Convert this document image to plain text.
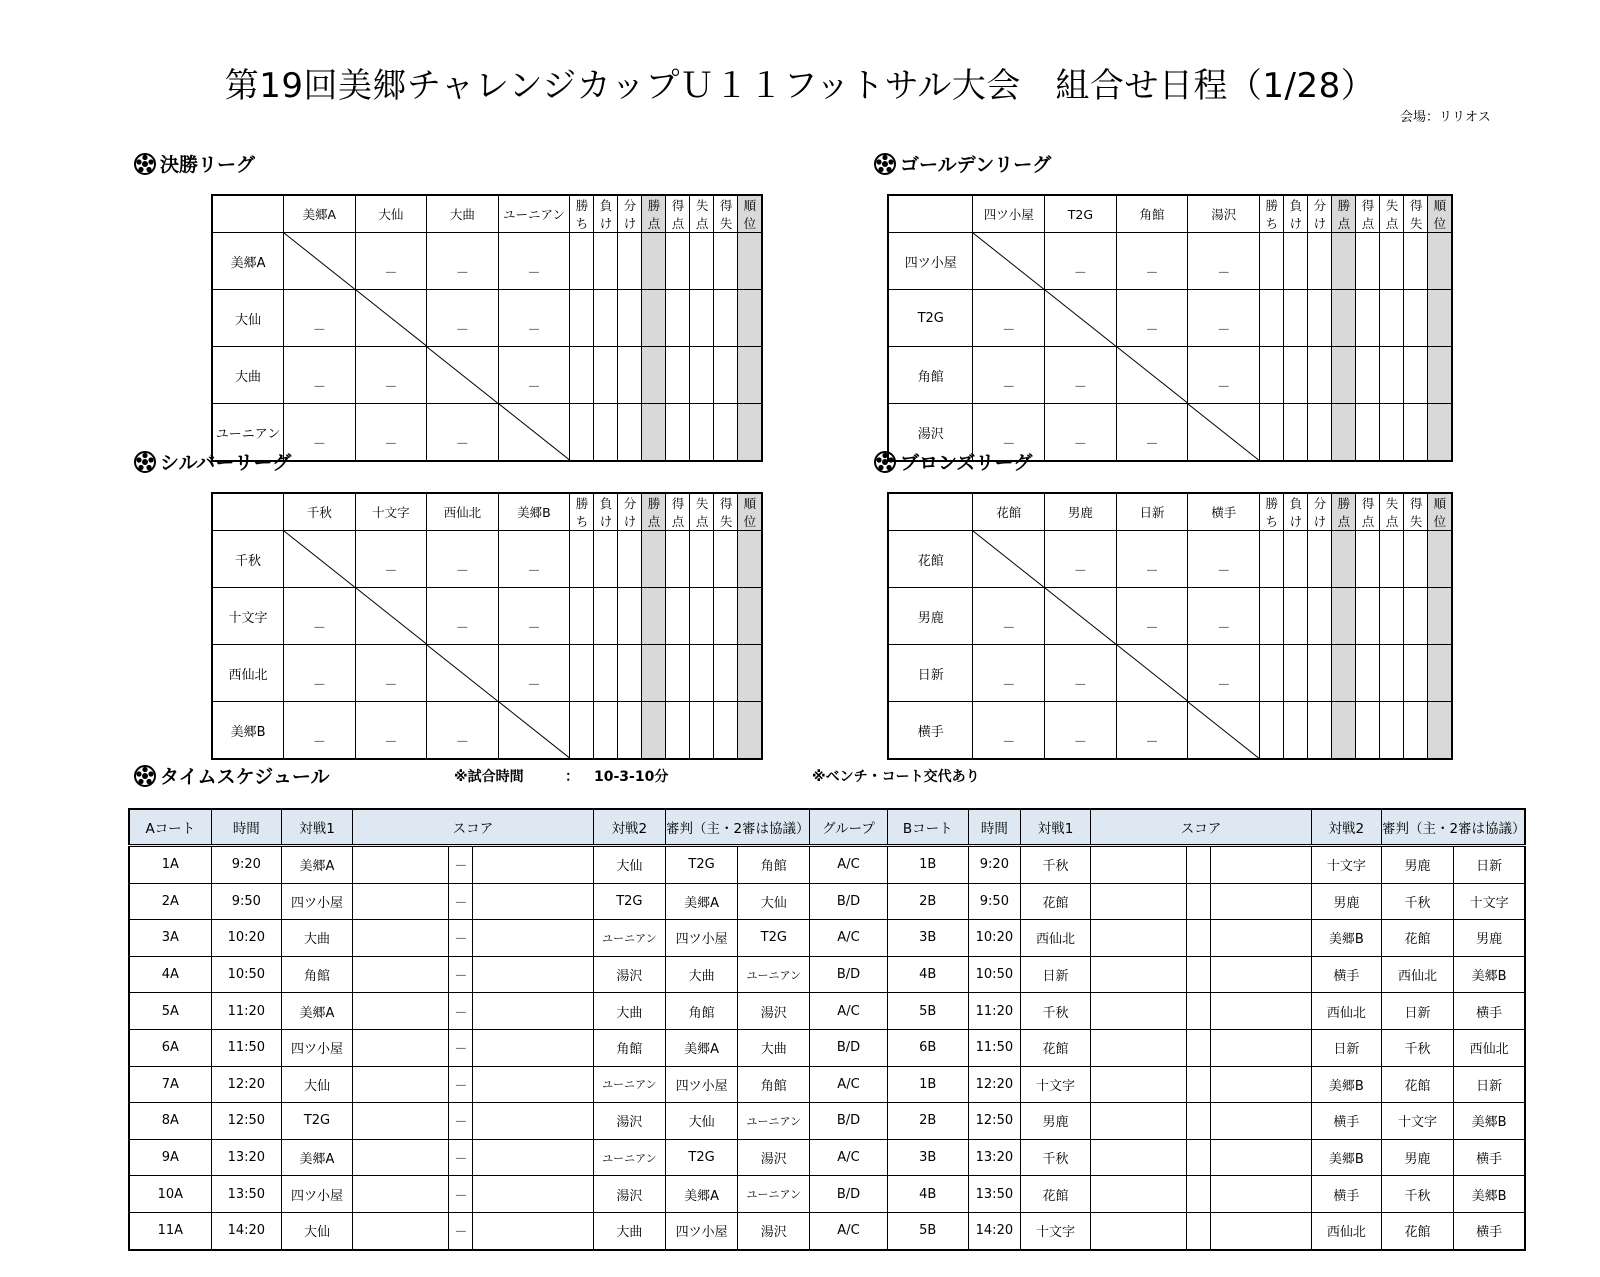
第19回美郷チャレンジカップＵ１１フットサル大会　組合せ日程（1/28）
会場：リリオス
決勝リーグ	ゴールデンリーグ
シルバーリーグ	ブロンズリーグ
	美郷A	大仙	大曲	ユーニアン	勝ち	負け	分け	勝点	得点	失点	得失	順位
美郷A		－	－	－								
大仙	－		－	－								
大曲	－	－		－								
ユーニアン	－	－	－	

	四ツ小屋	T2G	角館	湯沢	勝ち	負け	分け	勝点	得点	失点	得失	順位
四ツ小屋		－	－	－								
T2G	－		－	－								
角館	－	－		－								
湯沢	－	－	－	

	千秋	十文字	西仙北	美郷B	勝ち	負け	分け	勝点	得点	失点	得失	順位
千秋		－	－	－								
十文字	－		－	－								
西仙北	－	－		－								
美郷B	－	－	－	

	花館	男鹿	日新	横手	勝ち	負け	分け	勝点	得点	失点	得失	順位
花館		－	－	－								
男鹿	－		－	－								
日新	－	－		－								
横手	－	－	－	

タイムスケジュール	※試合時間	： 10-3-10分	※ベンチ・コート交代あり
Aコート	時間	対戦1	スコア			対戦2	審判（主・2審は協議）		グループ	Bコート	時間	対戦1	スコア			対戦2	審判（主・2審は協議）	
1A	9:20	美郷A		－		大仙	T2G	角館	A/C	1B	9:20	千秋				十文字	男鹿	日新
2A	9:50	四ツ小屋		－		T2G	美郷A	大仙	B/D	2B	9:50	花館				男鹿	千秋	十文字
3A	10:20	大曲		－		ユーニアン	四ツ小屋	T2G	A/C	3B	10:20	西仙北				美郷B	花館	男鹿
4A	10:50	角館		－		湯沢	大曲	ユーニアン	B/D	4B	10:50	日新				横手	西仙北	美郷B
5A	11:20	美郷A		－		大曲	角館	湯沢	A/C	5B	11:20	千秋				西仙北	日新	横手
6A	11:50	四ツ小屋		－		角館	美郷A	大曲	B/D	6B	11:50	花館				日新	千秋	西仙北
7A	12:20	大仙		－		ユーニアン	四ツ小屋	角館	A/C	1B	12:20	十文字				美郷B	花館	日新
8A	12:50	T2G		－		湯沢	大仙	ユーニアン	B/D	2B	12:50	男鹿				横手	十文字	美郷B
9A	13:20	美郷A		－		ユーニアン	T2G	湯沢	A/C	3B	13:20	千秋				美郷B	男鹿	横手
10A	13:50	四ツ小屋		－		湯沢	美郷A	ユーニアン	B/D	4B	13:50	花館				横手	千秋	美郷B
11A	14:20	大仙		－		大曲	四ツ小屋	湯沢	A/C	5B	14:20	十文字				西仙北	花館	横手
